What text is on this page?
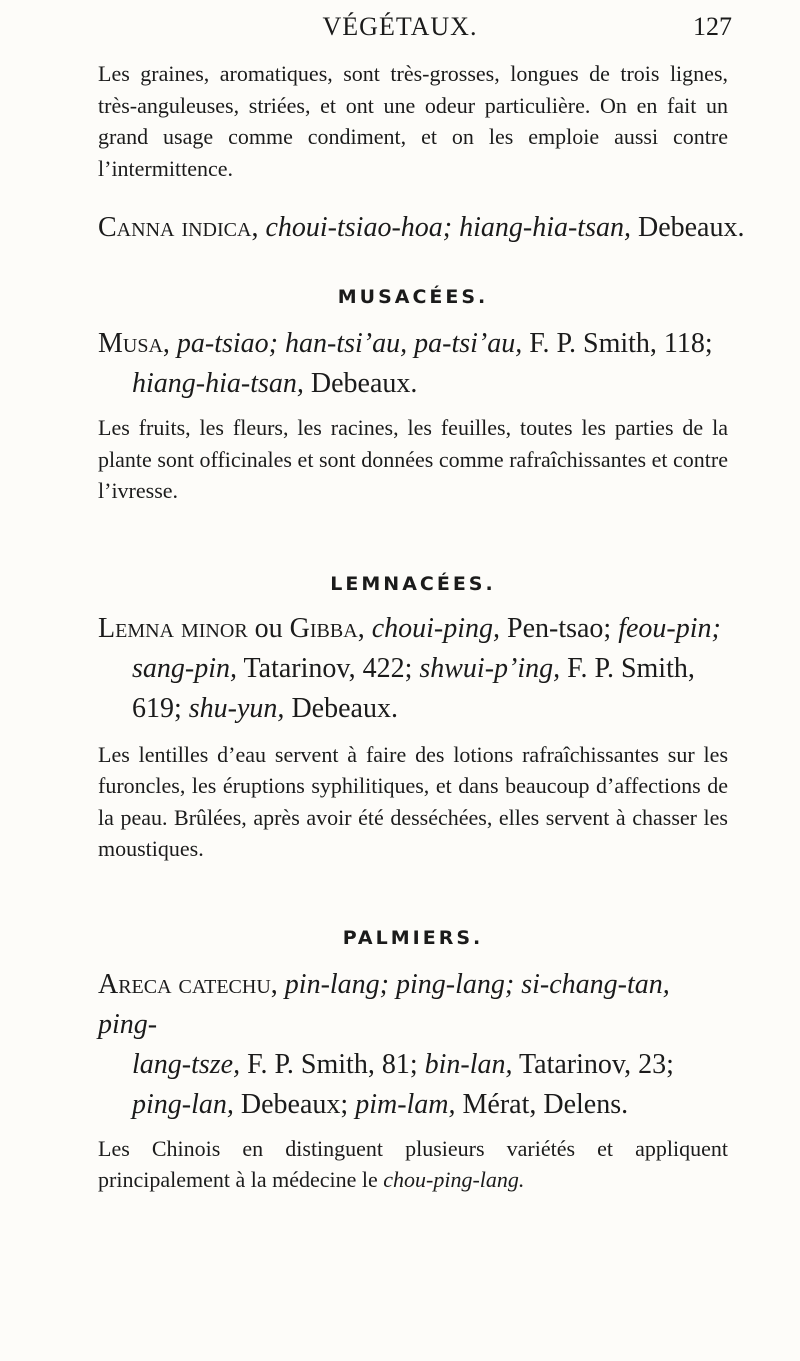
VÉGÉTAUX.	127

Les graines, aromatiques, sont très-grosses, longues de trois lignes, très-anguleuses, striées, et ont une odeur particulière. On en fait un grand usage comme condiment, et on les emploie aussi contre l’intermittence.

Canna indica, choui-tsiao-hoa; hiang-hia-tsan, Debeaux.

MUSACÉES.

Musa, pa-tsiao; han-tsi’au, pa-tsi’au, F. P. Smith, 118;
hiang-hia-tsan, Debeaux.

Les fruits, les fleurs, les racines, les feuilles, toutes les parties de la plante sont officinales et sont données comme rafraîchissantes et contre l’ivresse.

LEMNACÉES.

Lemna minor ou Gibba, choui-ping, Pen-tsao; feou-pin;
sang-pin, Tatarinov, 422; shwui-p’ing, F. P. Smith, 619; shu-yun, Debeaux.

Les lentilles d’eau servent à faire des lotions rafraîchissantes sur les furoncles, les éruptions syphilitiques, et dans beaucoup d’affections de la peau. Brûlées, après avoir été desséchées, elles servent à chasser les moustiques.

PALMIERS.

Areca catechu, pin-lang; ping-lang; si-chang-tan, ping-
lang-tsze, F. P. Smith, 81; bin-lan, Tatarinov, 23; ping-lan, Debeaux; pim-lam, Mérat, Delens.

Les Chinois en distinguent plusieurs variétés et appliquent principalement à la médecine le chou-ping-lang.
